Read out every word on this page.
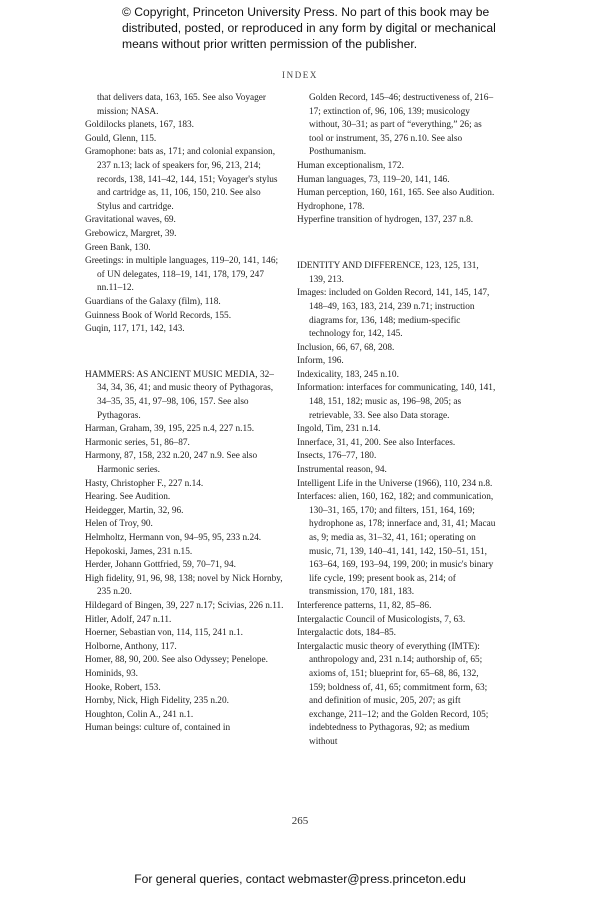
© Copyright, Princeton University Press. No part of this book may be distributed, posted, or reproduced in any form by digital or mechanical means without prior written permission of the publisher.
INDEX

that delivers data, 163, 165. See also Voyager mission; NASA.

Goldilocks planets, 167, 183.

Gould, Glenn, 115.

Gramophone: bats as, 171; and colonial expansion, 237 n.13; lack of speakers for, 96, 213, 214; records, 138, 141–42, 144, 151; Voyager's stylus and cartridge as, 11, 106, 150, 210. See also Stylus and cartridge.

Gravitational waves, 69.

Grebowicz, Margret, 39.

Green Bank, 130.

Greetings: in multiple languages, 119–20, 141, 146; of UN delegates, 118–19, 141, 178, 179, 247 nn.11–12.

Guardians of the Galaxy (film), 118.

Guinness Book of World Records, 155.

Guqin, 117, 171, 142, 143.

HAMMERS: AS ANCIENT MUSIC MEDIA, 32–34, 34, 36, 41; and music theory of Pythagoras, 34–35, 35, 41, 97–98, 106, 157. See also Pythagoras.

Harman, Graham, 39, 195, 225 n.4, 227 n.15.

Harmonic series, 51, 86–87.

Harmony, 87, 158, 232 n.20, 247 n.9. See also Harmonic series.

Hasty, Christopher F., 227 n.14.

Hearing. See Audition.

Heidegger, Martin, 32, 96.

Helen of Troy, 90.

Helmholtz, Hermann von, 94–95, 95, 233 n.24.

Hepokoski, James, 231 n.15.

Herder, Johann Gottfried, 59, 70–71, 94.

High fidelity, 91, 96, 98, 138; novel by Nick Hornby, 235 n.20.

Hildegard of Bingen, 39, 227 n.17; Scivias, 226 n.11.

Hitler, Adolf, 247 n.11.

Hoerner, Sebastian von, 114, 115, 241 n.1.

Holborne, Anthony, 117.

Homer, 88, 90, 200. See also Odyssey; Penelope.

Hominids, 93.

Hooke, Robert, 153.

Hornby, Nick, High Fidelity, 235 n.20.

Houghton, Colin A., 241 n.1.

Human beings: culture of, contained in

Golden Record, 145–46; destructiveness of, 216–17; extinction of, 96, 106, 139; musicology without, 30–31; as part of “everything,” 26; as tool or instrument, 35, 276 n.10. See also Posthumanism.

Human exceptionalism, 172.

Human languages, 73, 119–20, 141, 146.

Human perception, 160, 161, 165. See also Audition.

Hydrophone, 178.

Hyperfine transition of hydrogen, 137, 237 n.8.

IDENTITY AND DIFFERENCE, 123, 125, 131, 139, 213.

Images: included on Golden Record, 141, 145, 147, 148–49, 163, 183, 214, 239 n.71; instruction diagrams for, 136, 148; medium-specific technology for, 142, 145.

Inclusion, 66, 67, 68, 208.

Inform, 196.

Indexicality, 183, 245 n.10.

Information: interfaces for communicating, 140, 141, 148, 151, 182; music as, 196–98, 205; as retrievable, 33. See also Data storage.

Ingold, Tim, 231 n.14.

Innerface, 31, 41, 200. See also Interfaces.

Insects, 176–77, 180.

Instrumental reason, 94.

Intelligent Life in the Universe (1966), 110, 234 n.8.

Interfaces: alien, 160, 162, 182; and communication, 130–31, 165, 170; and filters, 151, 164, 169; hydrophone as, 178; innerface and, 31, 41; Macau as, 9; media as, 31–32, 41, 161; operating on music, 71, 139, 140–41, 141, 142, 150–51, 151, 163–64, 169, 193–94, 199, 200; in music's binary life cycle, 199; present book as, 214; of transmission, 170, 181, 183.

Interference patterns, 11, 82, 85–86.

Intergalactic Council of Musicologists, 7, 63.

Intergalactic dots, 184–85.

Intergalactic music theory of everything (IMTE): anthropology and, 231 n.14; authorship of, 65; axioms of, 151; blueprint for, 65–68, 86, 132, 159; boldness of, 41, 65; commitment form, 63; and definition of music, 205, 207; as gift exchange, 211–12; and the Golden Record, 105; indebtedness to Pythagoras, 92; as medium without

265
For general queries, contact webmaster@press.princeton.edu
